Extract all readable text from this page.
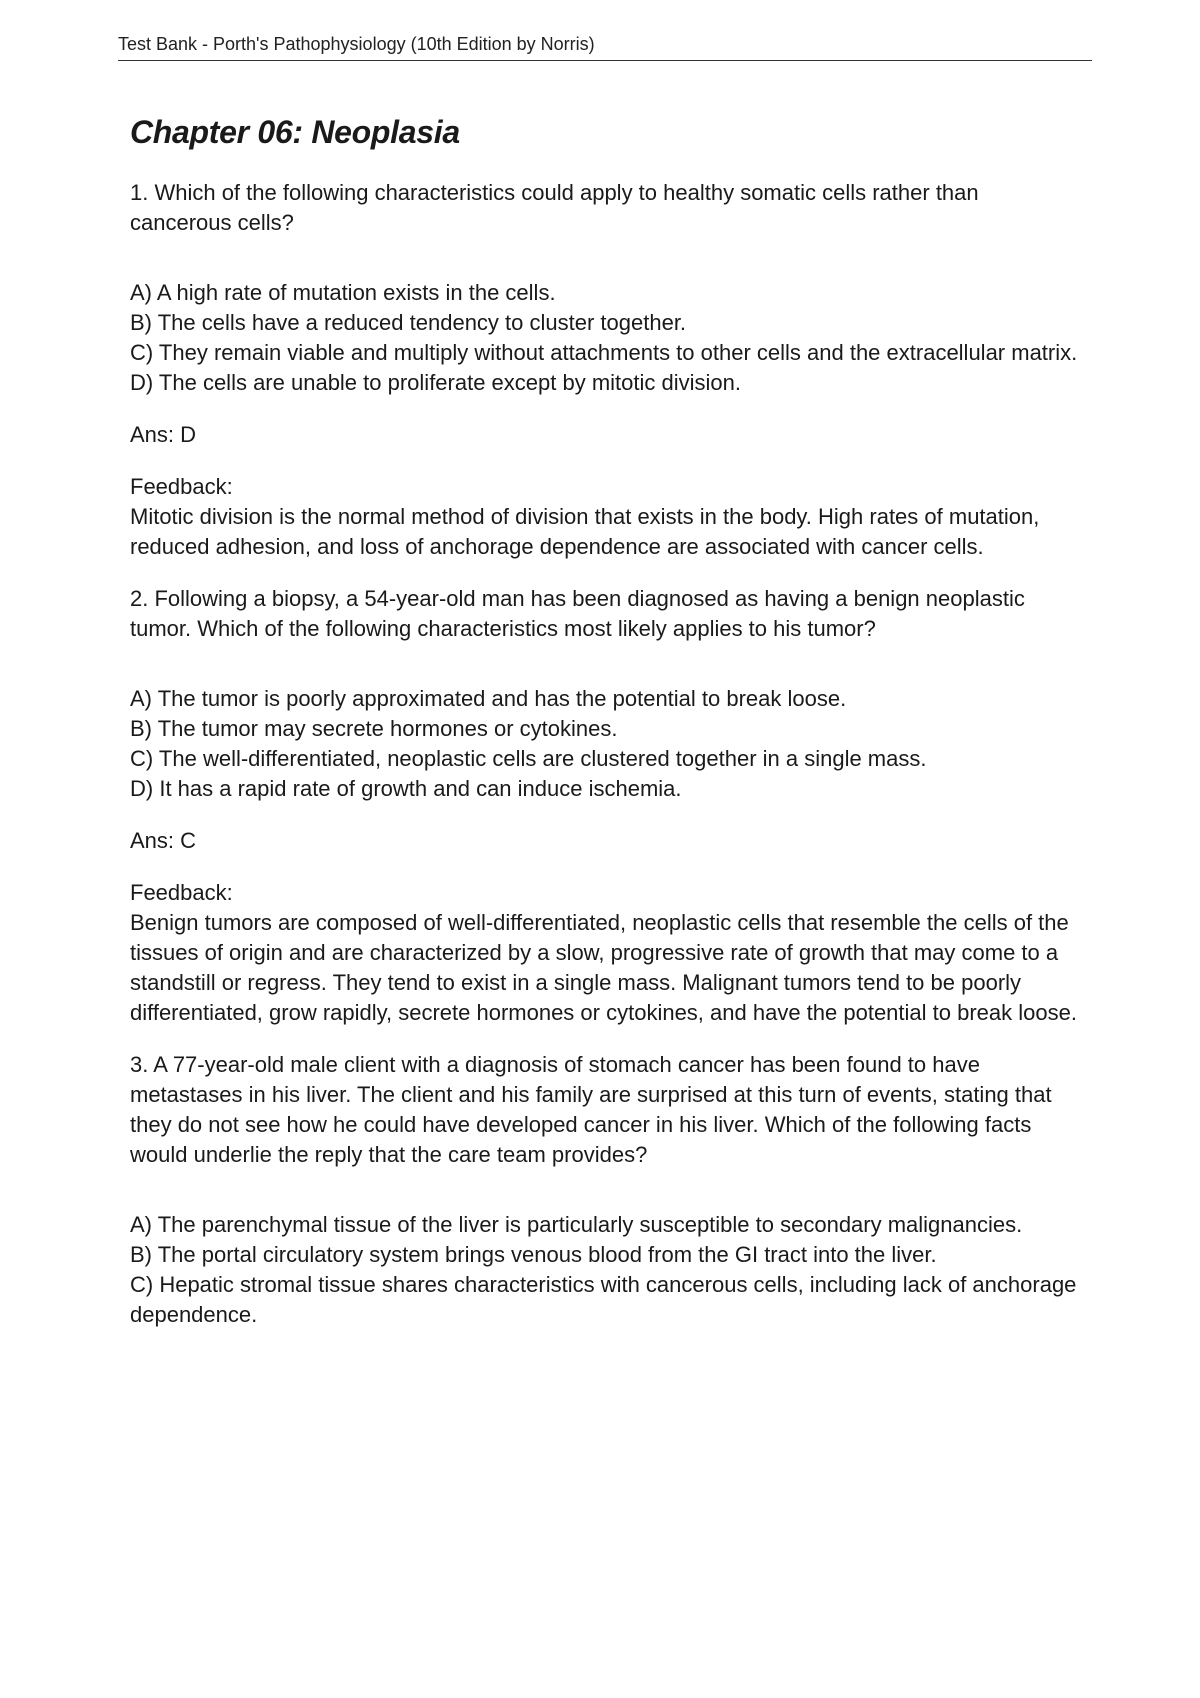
Test Bank - Porth's Pathophysiology (10th Edition by Norris)
Chapter 06: Neoplasia

1. Which of the following characteristics could apply to healthy somatic cells rather than cancerous cells?

A) A high rate of mutation exists in the cells.

B) The cells have a reduced tendency to cluster together.

C) They remain viable and multiply without attachments to other cells and the extracellular matrix.

D) The cells are unable to proliferate except by mitotic division.

Ans: D

Feedback:

Mitotic division is the normal method of division that exists in the body. High rates of mutation, reduced adhesion, and loss of anchorage dependence are associated with cancer cells.

2. Following a biopsy, a 54-year-old man has been diagnosed as having a benign neoplastic tumor. Which of the following characteristics most likely applies to his tumor?

A) The tumor is poorly approximated and has the potential to break loose.

B) The tumor may secrete hormones or cytokines.

C) The well-differentiated, neoplastic cells are clustered together in a single mass.

D) It has a rapid rate of growth and can induce ischemia.

Ans: C

Feedback:

Benign tumors are composed of well-differentiated, neoplastic cells that resemble the cells of the tissues of origin and are characterized by a slow, progressive rate of growth that may come to a standstill or regress. They tend to exist in a single mass. Malignant tumors tend to be poorly differentiated, grow rapidly, secrete hormones or cytokines, and have the potential to break loose.

3. A 77-year-old male client with a diagnosis of stomach cancer has been found to have metastases in his liver. The client and his family are surprised at this turn of events, stating that they do not see how he could have developed cancer in his liver. Which of the following facts would underlie the reply that the care team provides?

A) The parenchymal tissue of the liver is particularly susceptible to secondary malignancies.

B) The portal circulatory system brings venous blood from the GI tract into the liver.

C) Hepatic stromal tissue shares characteristics with cancerous cells, including lack of anchorage dependence.
